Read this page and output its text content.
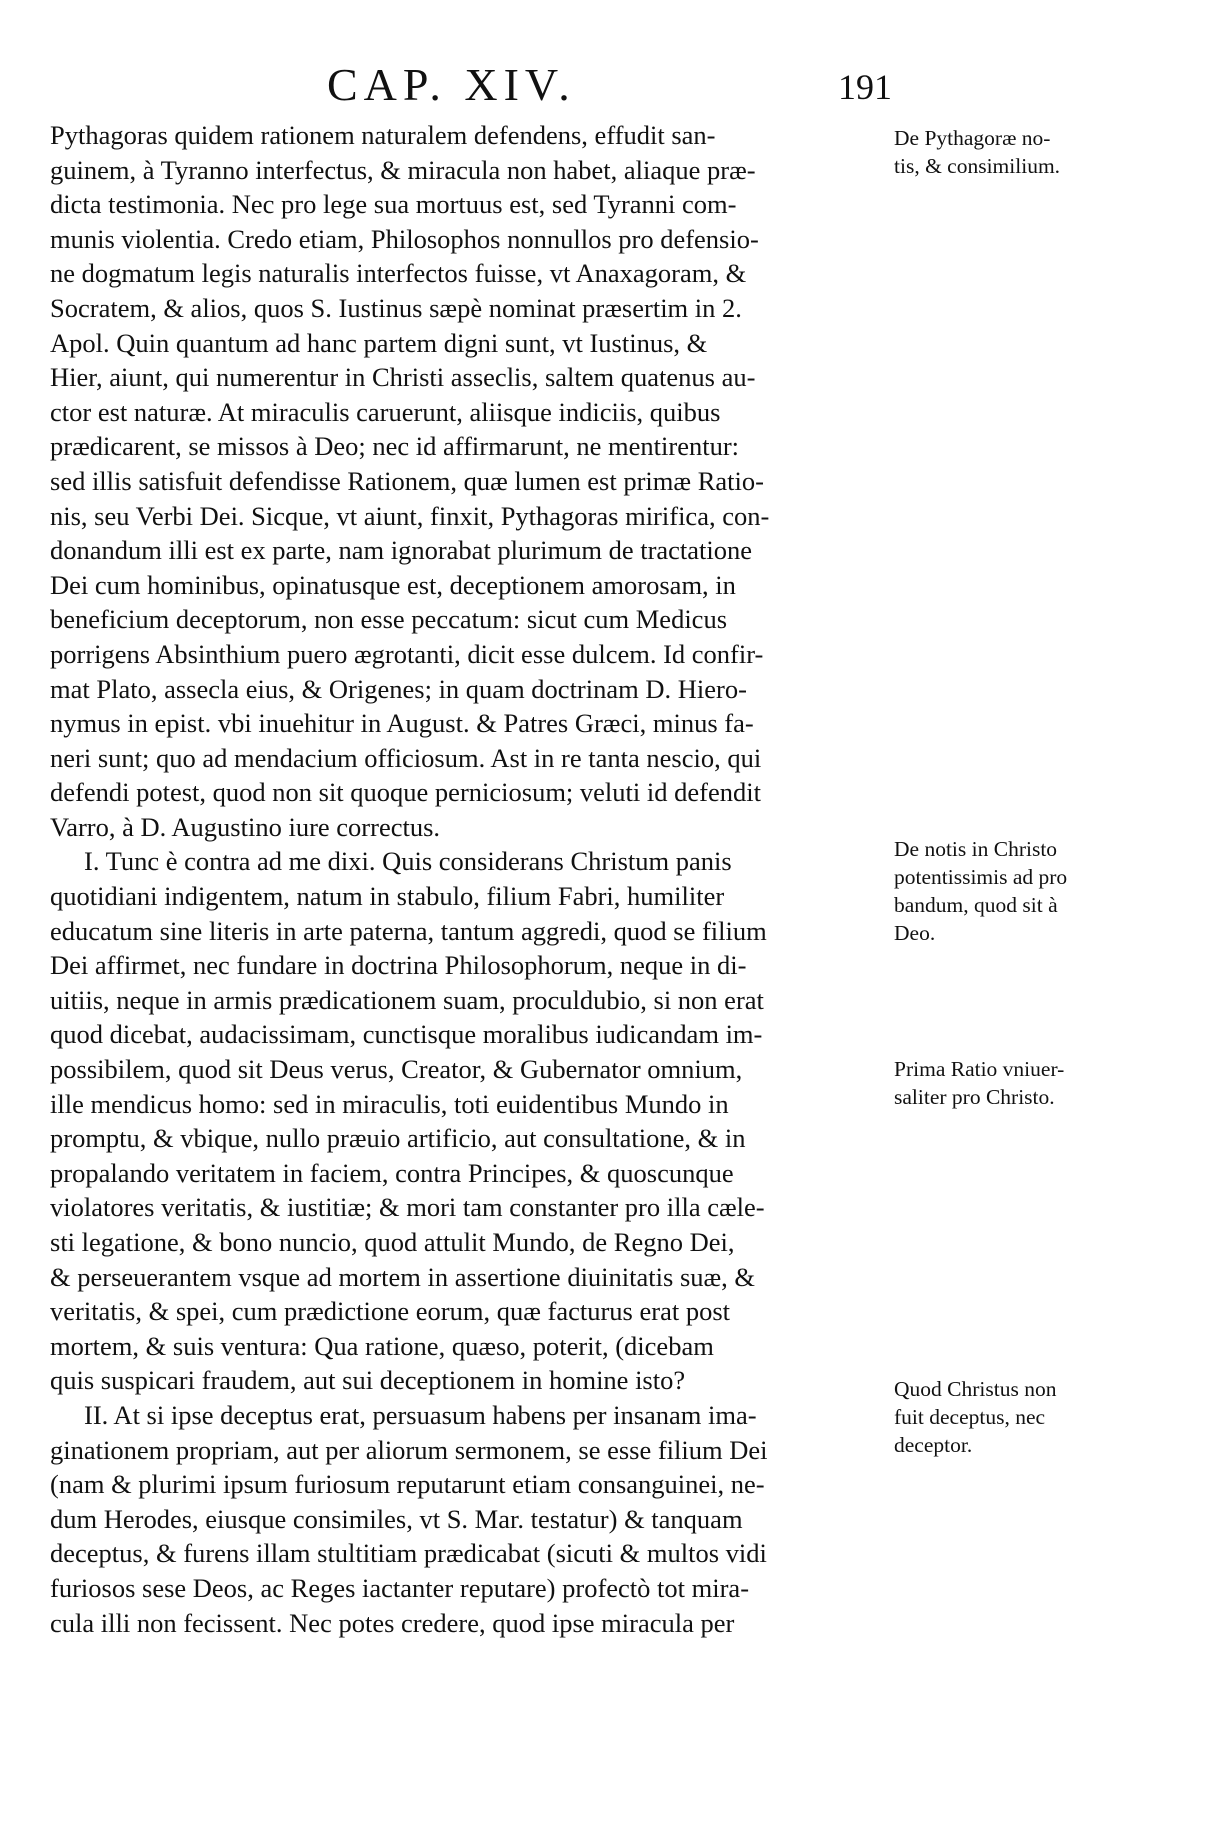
CAP. XIV.	191
Pythagoras quidem rationem naturalem defendens, effudit san-
guinem, à Tyranno interfectus, & miracula non habet, aliaque præ-
dicta testimonia. Nec pro lege sua mortuus est, sed Tyranni com-
munis violentia. Credo etiam, Philosophos nonnullos pro defensio-
ne dogmatum legis naturalis interfectos fuisse, vt Anaxagoram, &
Socratem, & alios, quos S. Iustinus sæpè nominat præsertim in 2.
Apol. Quin quantum ad hanc partem digni sunt, vt Iustinus, &
Hier, aiunt, qui numerentur in Christi asseclis, saltem quatenus au-
ctor est naturæ. At miraculis caruerunt, aliisque indiciis, quibus
prædicarent, se missos à Deo; nec id affirmarunt, ne mentirentur:
sed illis satisfuit defendisse Rationem, quæ lumen est primæ Ratio-
nis, seu Verbi Dei. Sicque, vt aiunt, finxit, Pythagoras mirifica, con-
donandum illi est ex parte, nam ignorabat plurimum de tractatione
Dei cum hominibus, opinatusque est, deceptionem amorosam, in
beneficium deceptorum, non esse peccatum: sicut cum Medicus
porrigens Absinthium puero ægrotanti, dicit esse dulcem. Id confir-
mat Plato, assecla eius, & Origenes; in quam doctrinam D. Hiero-
nymus in epist. vbi inuehitur in August. & Patres Græci, minus fa-
neri sunt; quo ad mendacium officiosum. Ast in re tanta nescio, qui
defendi potest, quod non sit quoque perniciosum; veluti id defendit
Varro, à D. Augustino iure correctus.
I. Tunc è contra ad me dixi. Quis considerans Christum panis
quotidiani indigentem, natum in stabulo, filium Fabri, humiliter
educatum sine literis in arte paterna, tantum aggredi, quod se filium
Dei affirmet, nec fundare in doctrina Philosophorum, neque in di-
uitiis, neque in armis prædicationem suam, proculdubio, si non erat
quod dicebat, audacissimam, cunctisque moralibus iudicandam im-
possibilem, quod sit Deus verus, Creator, & Gubernator omnium,
ille mendicus homo: sed in miraculis, toti euidentibus Mundo in
promptu, & vbique, nullo præuio artificio, aut consultatione, & in
propalando veritatem in faciem, contra Principes, & quoscunque
violatores veritatis, & iustitiæ; & mori tam constanter pro illa cæle-
sti legatione, & bono nuncio, quod attulit Mundo, de Regno Dei,
& perseuerantem vsque ad mortem in assertione diuinitatis suæ, &
veritatis, & spei, cum prædictione eorum, quæ facturus erat post
mortem, & suis ventura: Qua ratione, quæso, poterit, (dicebam
quis suspicari fraudem, aut sui deceptionem in homine isto?
II. At si ipse deceptus erat, persuasum habens per insanam ima-
ginationem propriam, aut per aliorum sermonem, se esse filium Dei
(nam & plurimi ipsum furiosum reputarunt etiam consanguinei, ne-
dum Herodes, eiusque consimiles, vt S. Mar. testatur) & tanquam
deceptus, & furens illam stultitiam prædicabat (sicuti & multos vidi
furiosos sese Deos, ac Reges iactanter reputare) profectò tot mira-
cula illi non fecissent. Nec potes credere, quod ipse miracula per
De Pythagoræ no-
tis, & consimilium.
De notis in Christo
potentissimis ad pro
bandum, quod sit à
Deo.
Prima Ratio vniuer-
saliter pro Christo.
Quod Christus non
fuit deceptus, nec
deceptor.
